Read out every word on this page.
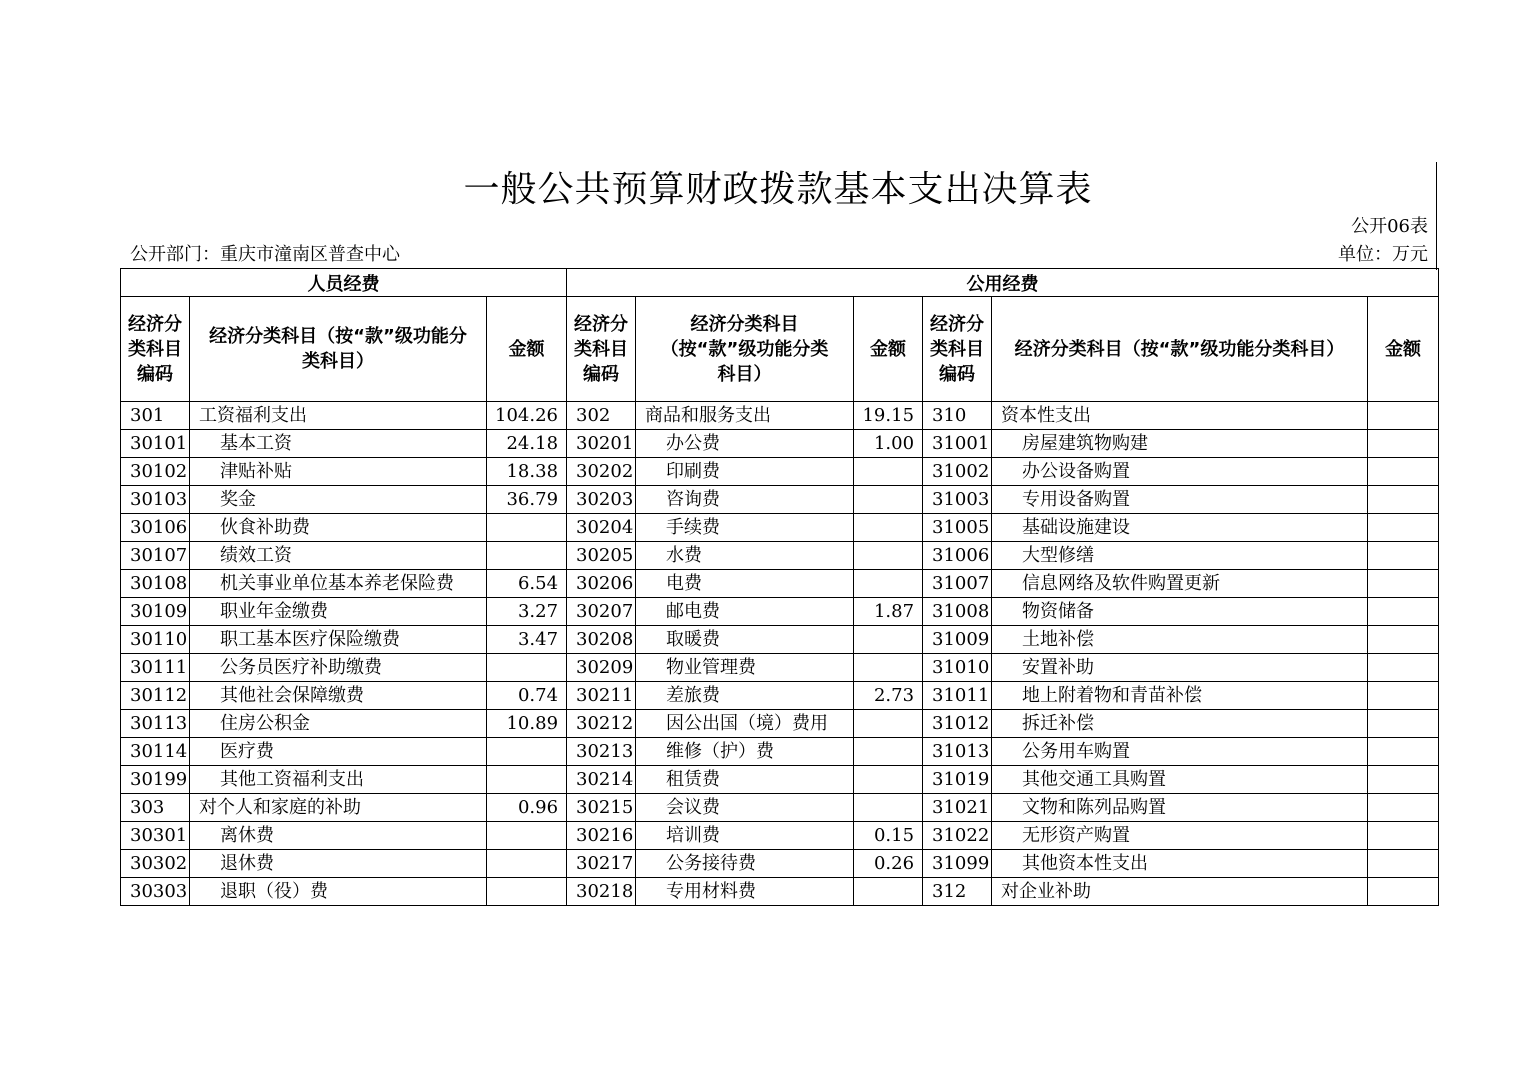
一般公共预算财政拨款基本支出决算表
公开06表
公开部门：重庆市潼南区普查中心	单位：万元
人员经费			公用经费					
经济分类科目编码	经济分类科目（按“款”级功能分类科目）	金额	经济分类科目编码	经济分类科目（按“款”级功能分类科目）	金额	经济分类科目编码	经济分类科目（按“款”级功能分类科目）	金额
301	工资福利支出	104.26	302	商品和服务支出	19.15	310	资本性支出	
30101	基本工资	24.18	30201	办公费	1.00	31001	房屋建筑物购建	
30102	津贴补贴	18.38	30202	印刷费		31002	办公设备购置	
30103	奖金	36.79	30203	咨询费		31003	专用设备购置	
30106	伙食补助费		30204	手续费		31005	基础设施建设	
30107	绩效工资		30205	水费		31006	大型修缮	
30108	机关事业单位基本养老保险费	6.54	30206	电费		31007	信息网络及软件购置更新	
30109	职业年金缴费	3.27	30207	邮电费	1.87	31008	物资储备	
30110	职工基本医疗保险缴费	3.47	30208	取暖费		31009	土地补偿	
30111	公务员医疗补助缴费		30209	物业管理费		31010	安置补助	
30112	其他社会保障缴费	0.74	30211	差旅费	2.73	31011	地上附着物和青苗补偿	
30113	住房公积金	10.89	30212	因公出国（境）费用		31012	拆迁补偿	
30114	医疗费		30213	维修（护）费		31013	公务用车购置	
30199	其他工资福利支出		30214	租赁费		31019	其他交通工具购置	
303	对个人和家庭的补助	0.96	30215	会议费		31021	文物和陈列品购置	
30301	离休费		30216	培训费	0.15	31022	无形资产购置	
30302	退休费		30217	公务接待费	0.26	31099	其他资本性支出	
30303	退职（役）费		30218	专用材料费		312	对企业补助	
